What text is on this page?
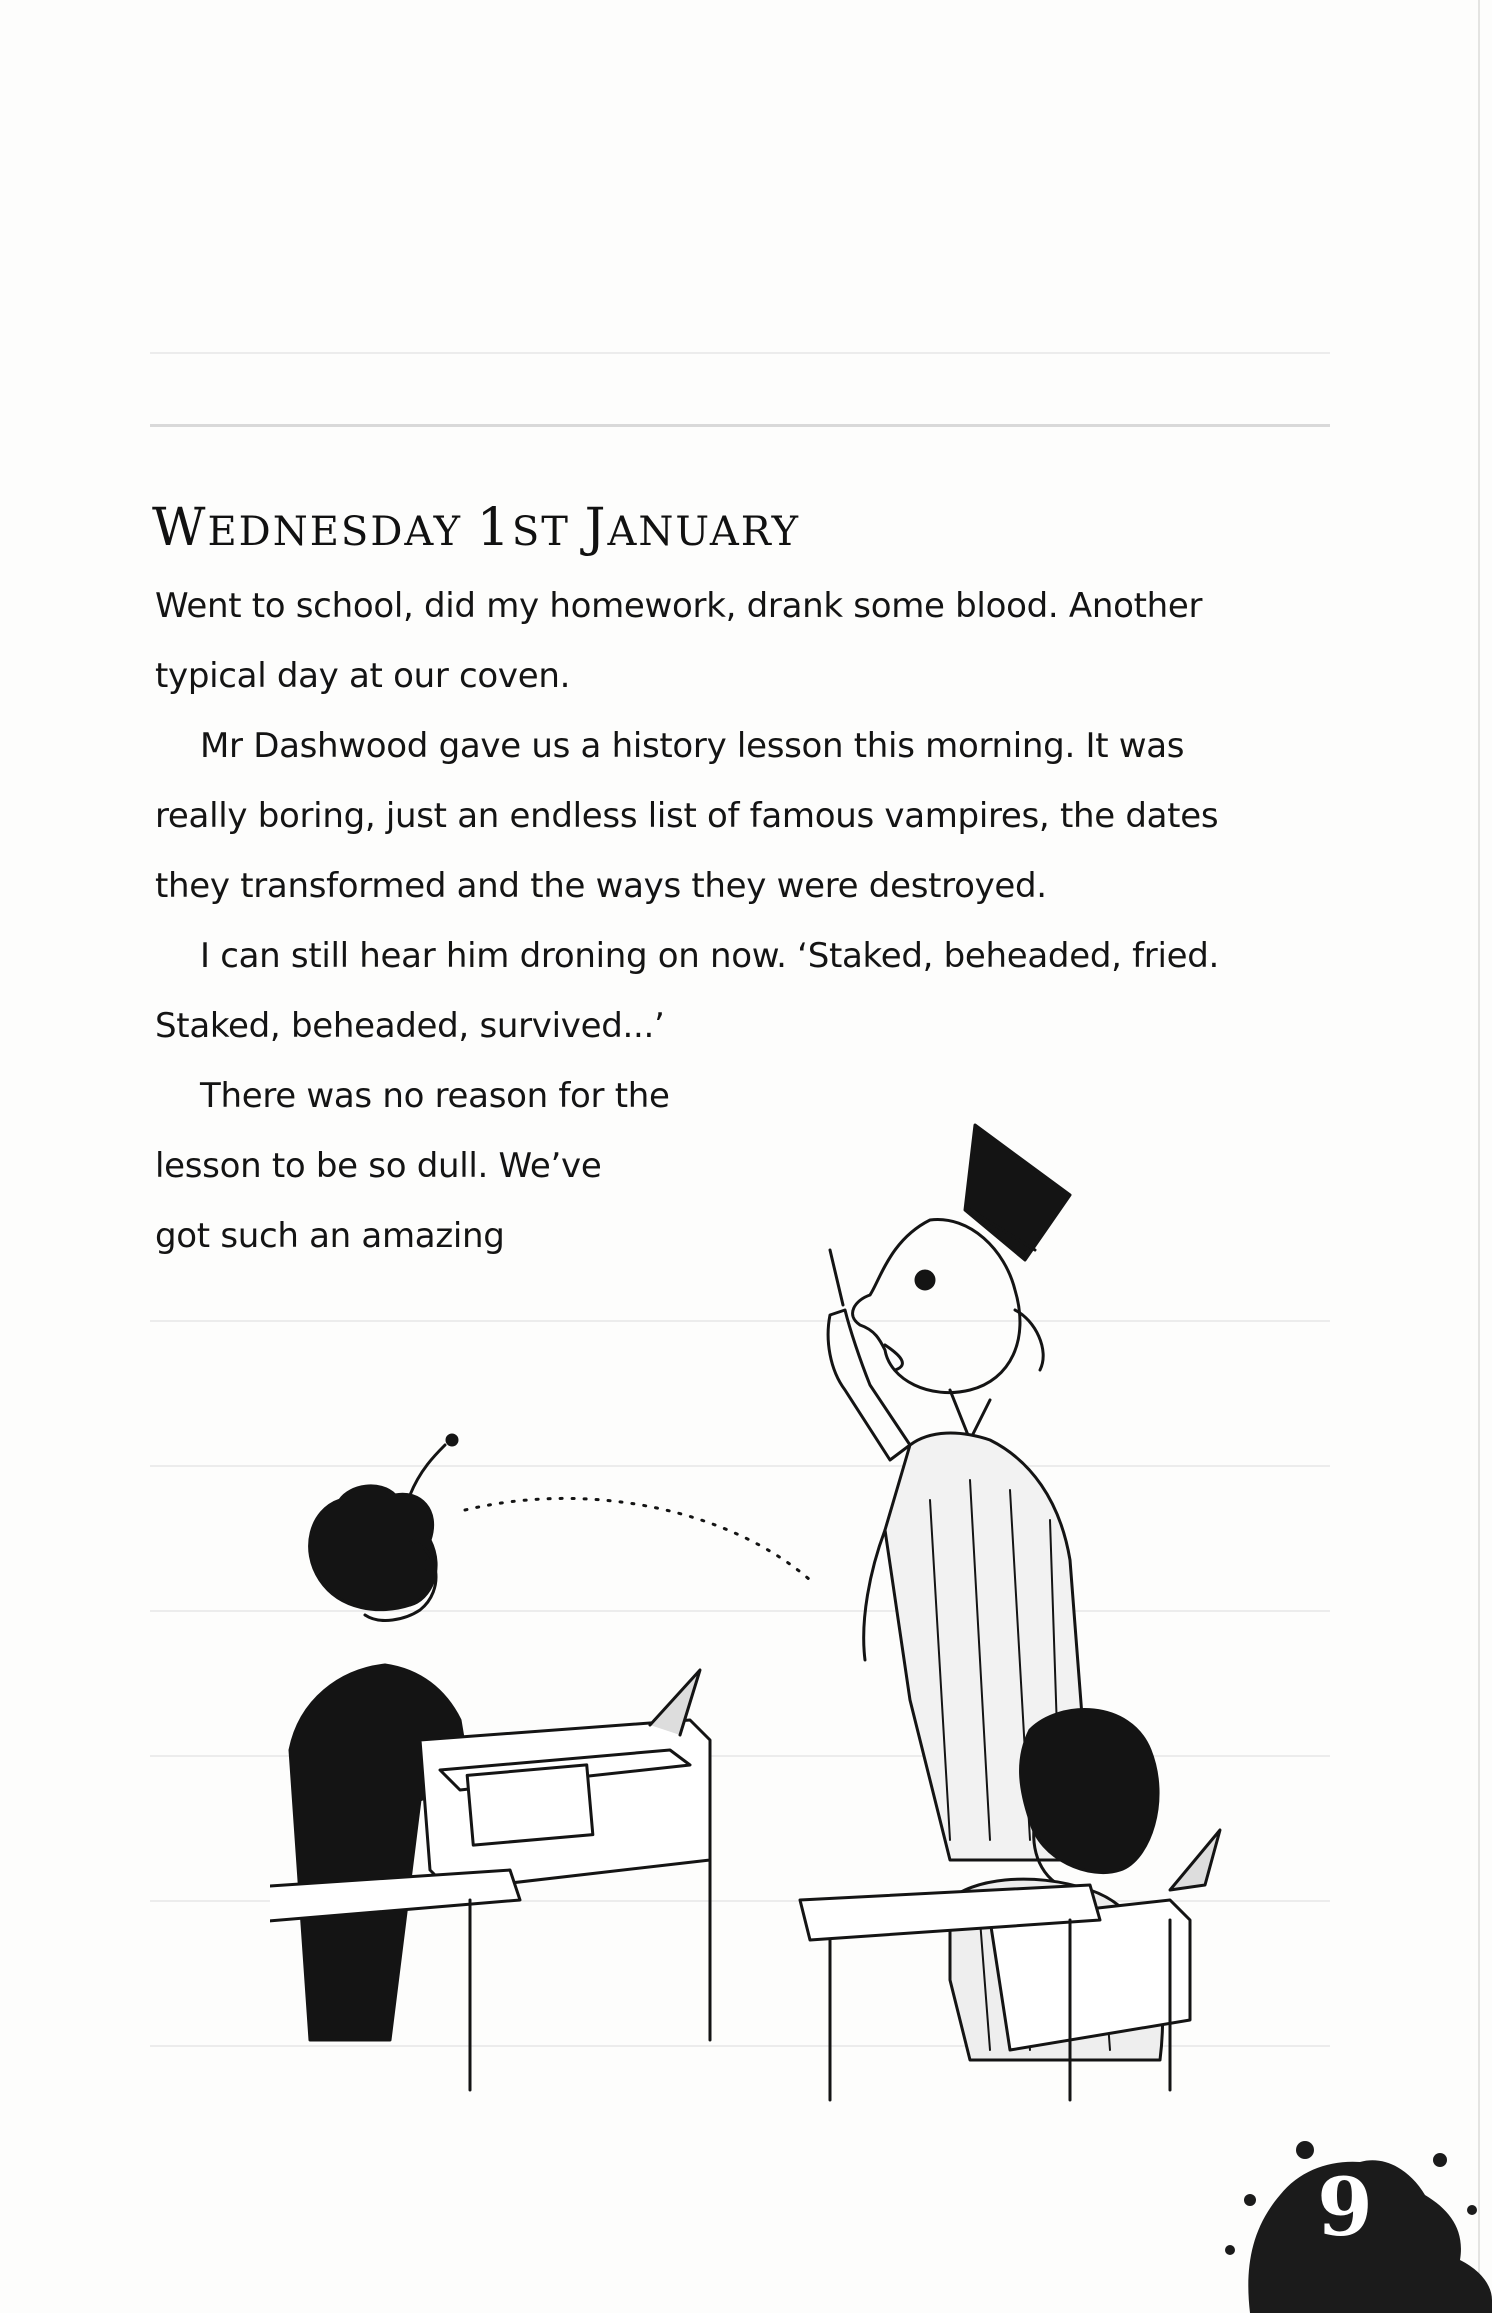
WEDNESDAY 1ST JANUARY
Went to school, did my homework, drank some blood. Another
typical day at our coven.
Mr Dashwood gave us a history lesson this morning. It was
really boring, just an endless list of famous vampires, the dates
they transformed and the ways they were destroyed.
I can still hear him droning on now. ‘Staked, beheaded, fried.
Staked, beheaded, survived...’
There was no reason for the
lesson to be so dull. We’ve
got such an amazing
9
